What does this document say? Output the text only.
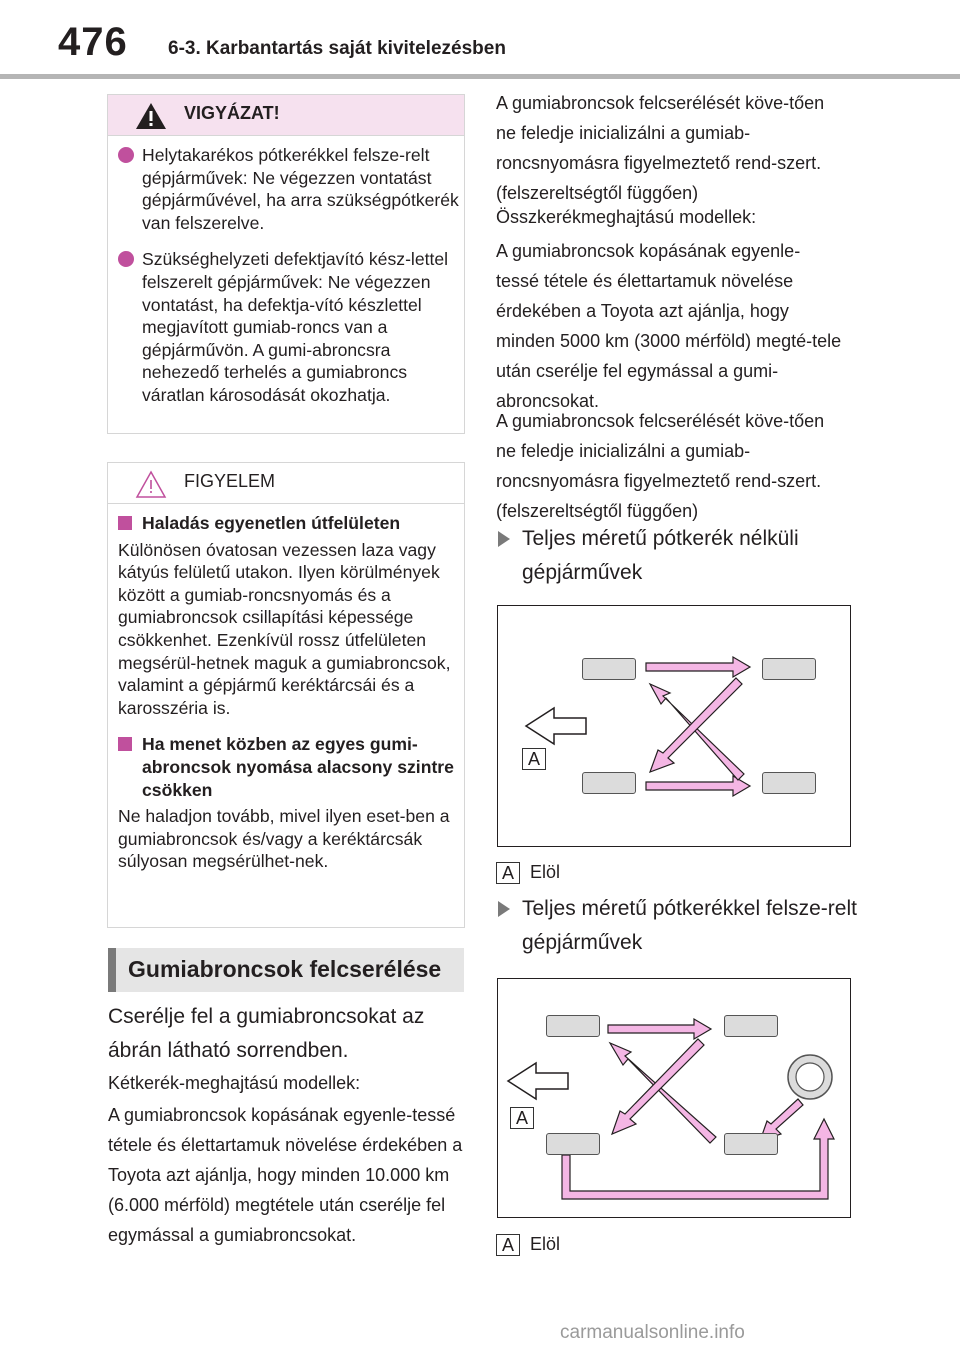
476 6-3. Karbantartás saját kivitelezésben
VIGYÁZAT!
Helytakarékos pótkerékkel felsze-relt gépjárművek: Ne végezzen vontatást gépjárművével, ha arra szükségpótkerék van felszerelve.
Szükséghelyzeti defektjavító kész-lettel felszerelt gépjárművek: Ne végezzen vontatást, ha defektja-vító készlettel megjavított gumiab-roncs van a gépjárművön. A gumi-abroncsra nehezedő terhelés a gumiabroncs váratlan károsodását okozhatja.
FIGYELEM
Haladás egyenetlen útfelületen
Különösen óvatosan vezessen laza vagy kátyús felületű utakon. Ilyen körülmények között a gumiab-roncsnyomás és a gumiabroncsok csillapítási képessége csökkenhet. Ezenkívül rossz útfelületen megsérül-hetnek maguk a gumiabroncsok, valamint a gépjármű keréktárcsái és a karosszéria is.
Ha menet közben az egyes gumi-abroncsok nyomása alacsony szintre csökken
Ne haladjon tovább, mivel ilyen eset-ben a gumiabroncsok és/vagy a keréktárcsák súlyosan megsérülhet-nek.
Gumiabroncsok felcserélése
Cserélje fel a gumiabroncsokat az ábrán látható sorrendben.
Kétkerék-meghajtású modellek:
A gumiabroncsok kopásának egyenle-tessé tétele és élettartamuk növelése érdekében a Toyota azt ajánlja, hogy minden 10.000 km (6.000 mérföld) megtétele után cserélje fel egymással a gumiabroncsokat.
A gumiabroncsok felcserélését köve-tően ne feledje inicializálni a gumiab-roncsnyomásra figyelmeztető rend-szert. (felszereltségtől függően)
Összkerékmeghajtású modellek:
A gumiabroncsok kopásának egyenle-tessé tétele és élettartamuk növelése érdekében a Toyota azt ajánlja, hogy minden 5000 km (3000 mérföld) megté-tele után cserélje fel egymással a gumi-abroncsokat.
A gumiabroncsok felcserélését köve-tően ne feledje inicializálni a gumiab-roncsnyomásra figyelmeztető rend-szert. (felszereltségtől függően)
Teljes méretű pótkerék nélküli gépjárművek
A
A Elöl
Teljes méretű pótkerékkel felsze-relt gépjárművek
A
A Elöl
carmanualsonline.info
